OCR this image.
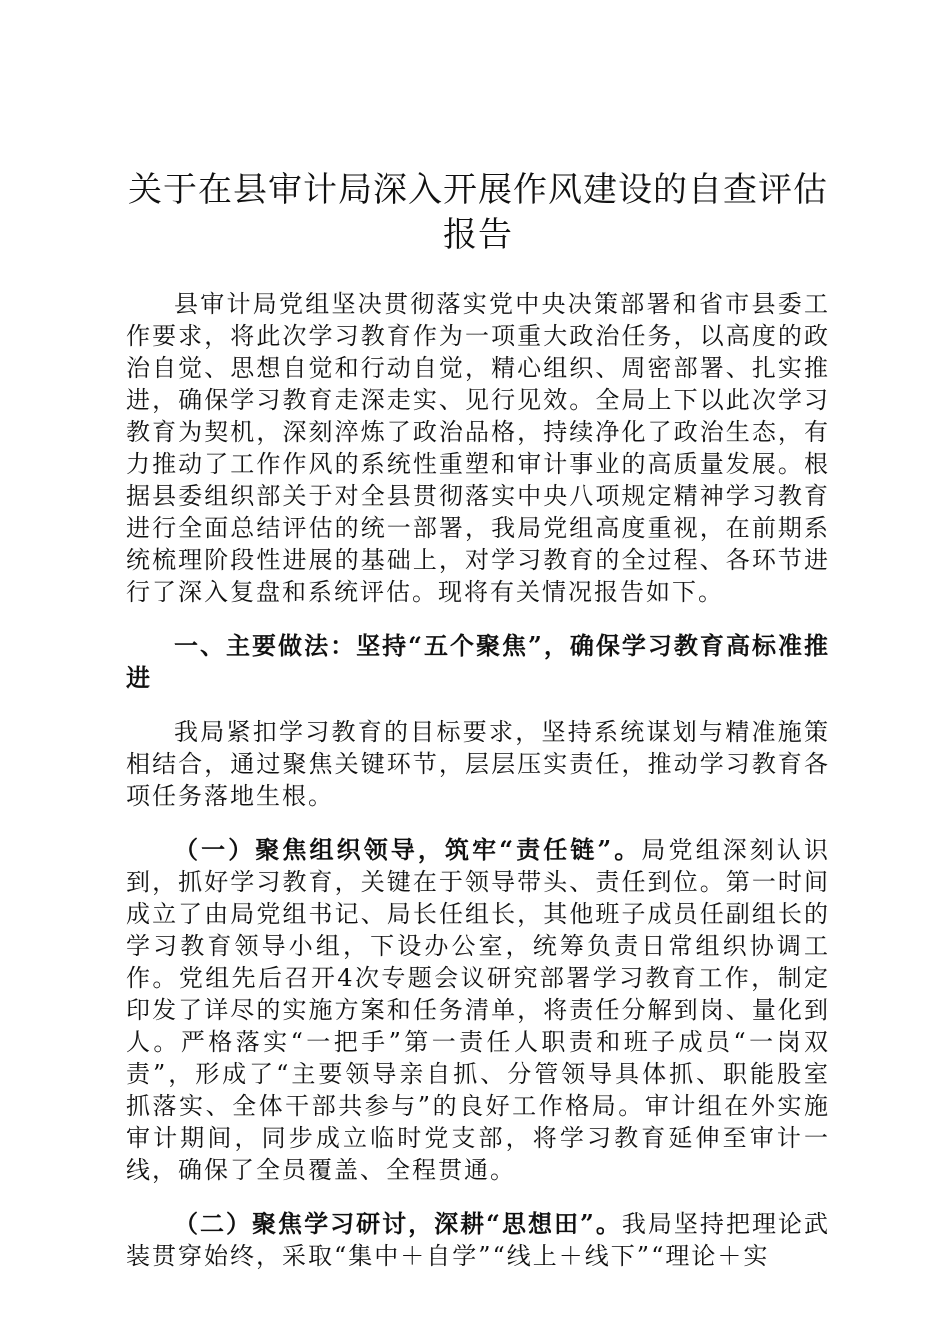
关于在县审计局深入开展作风建设的自查评估
报告

县审计局党组坚决贯彻落实党中央决策部署和省市县委工作要求，将此次学习教育作为一项重大政治任务，以高度的政治自觉、思想自觉和行动自觉，精心组织、周密部署、扎实推进，确保学习教育走深走实、见行见效。全局上下以此次学习教育为契机，深刻淬炼了政治品格，持续净化了政治生态，有力推动了工作作风的系统性重塑和审计事业的高质量发展。根据县委组织部关于对全县贯彻落实中央八项规定精神学习教育进行全面总结评估的统一部署，我局党组高度重视，在前期系统梳理阶段性进展的基础上，对学习教育的全过程、各环节进行了深入复盘和系统评估。现将有关情况报告如下。

一、主要做法：坚持“五个聚焦”，确保学习教育高标准推进

我局紧扣学习教育的目标要求，坚持系统谋划与精准施策相结合，通过聚焦关键环节，层层压实责任，推动学习教育各项任务落地生根。

（一）聚焦组织领导，筑牢“责任链”。局党组深刻认识到，抓好学习教育，关键在于领导带头、责任到位。第一时间成立了由局党组书记、局长任组长，其他班子成员任副组长的学习教育领导小组，下设办公室，统筹负责日常组织协调工作。党组先后召开4次专题会议研究部署学习教育工作，制定印发了详尽的实施方案和任务清单，将责任分解到岗、量化到人。严格落实“一把手”第一责任人职责和班子成员“一岗双责”，形成了“主要领导亲自抓、分管领导具体抓、职能股室抓落实、全体干部共参与”的良好工作格局。审计组在外实施审计期间，同步成立临时党支部，将学习教育延伸至审计一线，确保了全员覆盖、全程贯通。

（二）聚焦学习研讨，深耕“思想田”。我局坚持把理论武装贯穿始终，采取“集中＋自学”“线上＋线下”“理论＋实
